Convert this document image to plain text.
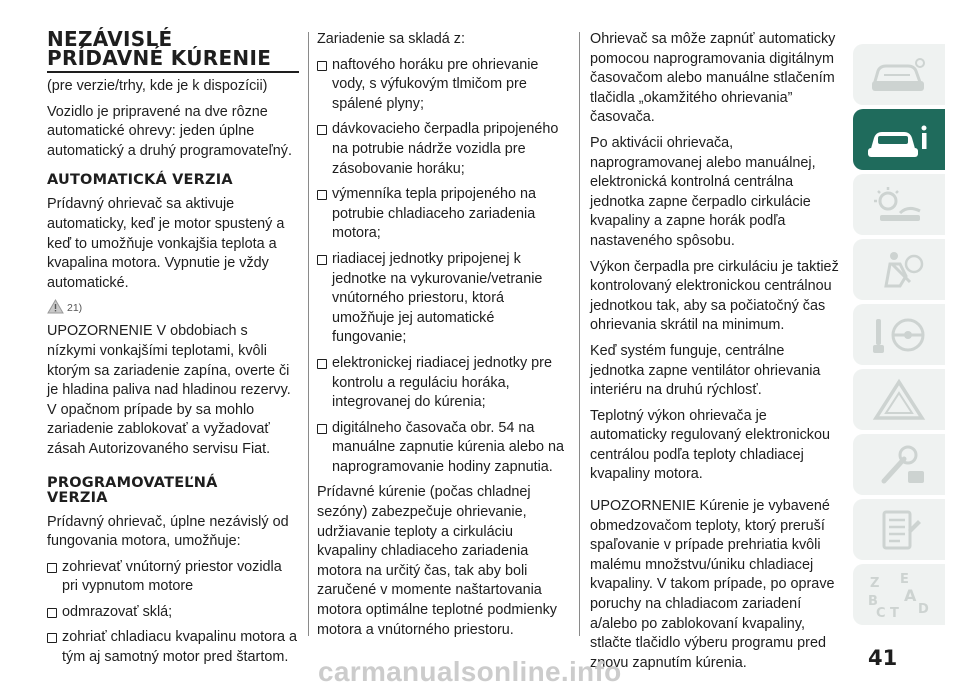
NEZÁVISLÉ
PRÍDAVNÉ KÚRENIE

(pre verzie/trhy, kde je k dispozícii)

Vozidlo je pripravené na dve rôzne automatické ohrevy: jeden úplne automatický a druhý programovateľný.

AUTOMATICKÁ VERZIA

Prídavný ohrievač sa aktivuje automaticky, keď je motor spustený a keď to umožňuje vonkajšia teplota a kvapalina motora. Vypnutie je vždy automatické.

21)

UPOZORNENIE V obdobiach s nízkymi vonkajšími teplotami, kvôli ktorým sa zariadenie zapína, overte či je hladina paliva nad hladinou rezervy. V opačnom prípade by sa mohlo zariadenie zablokovať a vyžadovať zásah Autorizovaného servisu Fiat.

PROGRAMOVATEĽNÁ
VERZIA

Prídavný ohrievač, úplne nezávislý od fungovania motora, umožňuje:

zohrievať vnútorný priestor vozidla pri vypnutom motore
odmrazovať sklá;
zohriať chladiacu kvapalinu motora a tým aj samotný motor pred štartom.

Zariadenie sa skladá z:

naftového horáku pre ohrievanie vody, s výfukovým tlmičom pre spálené plyny;
dávkovacieho čerpadla pripojeného na potrubie nádrže vozidla pre zásobovanie horáku;
výmenníka tepla pripojeného na potrubie chladiaceho zariadenia motora;
riadiacej jednotky pripojenej k jednotke na vykurovanie/vetranie vnútorného priestoru, ktorá umožňuje jej automatické fungovanie;
elektronickej riadiacej jednotky pre kontrolu a reguláciu horáka, integrovanej do kúrenia;
digitálneho časovača obr. 54 na manuálne zapnutie kúrenia alebo na naprogramovanie hodiny zapnutia.

Prídavné kúrenie (počas chladnej sezóny) zabezpečuje ohrievanie, udržiavanie teploty a cirkuláciu kvapaliny chladiaceho zariadenia motora na určitý čas, tak aby boli zaručené v momente naštartovania motora optimálne teplotné podmienky motora a vnútorného priestoru.

Ohrievač sa môže zapnúť automaticky pomocou naprogramovania digitálnym časovačom alebo manuálne stlačením tlačidla „okamžitého ohrievania” časovača.

Po aktivácii ohrievača, naprogramovanej alebo manuálnej, elektronická kontrolná centrálna jednotka zapne čerpadlo cirkulácie kvapaliny a zapne horák podľa nastaveného spôsobu.

Výkon čerpadla pre cirkuláciu je taktiež kontrolovaný elektronickou centrálnou jednotkou tak, aby sa počiatočný čas ohrievania skrátil na minimum.

Keď systém funguje, centrálne jednotka zapne ventilátor ohrievania interiéru na druhú rýchlosť.

Teplotný výkon ohrievača je automaticky regulovaný elektronickou centrálou podľa teploty chladiacej kvapaliny motora.

UPOZORNENIE Kúrenie je vybavené obmedzovačom teploty, ktorý preruší spaľovanie v prípade prehriatia kvôli malému množstvu/úniku chladiacej kvapaliny. V takom prípade, po oprave poruchy na chladiacom zariadení a/alebo po zablokovaní kvapaliny, stlačte tlačidlo výberu programu pred znovu zapnutím kúrenia.

Z E
A
B
C T D
41
carmanualsonline.info
